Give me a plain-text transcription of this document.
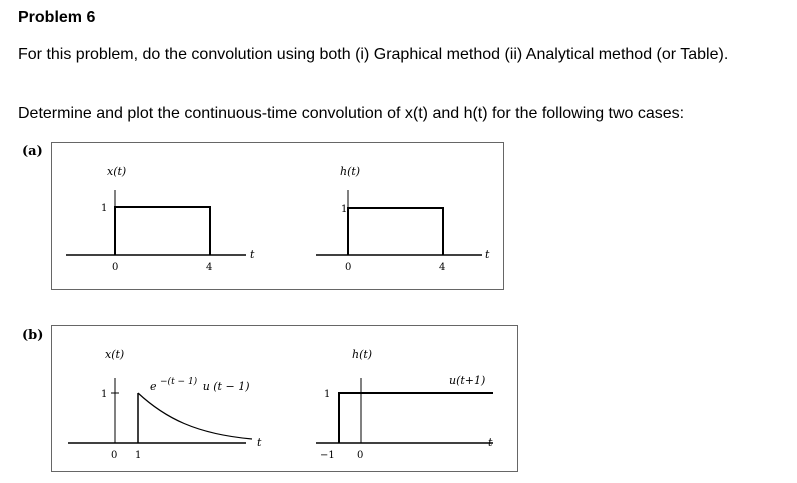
Problem 6
For this problem, do the convolution using both (i) Graphical method (ii) Analytical method (or Table).
Determine and plot the continuous-time convolution of x(t) and h(t) for the following two cases:
(a)
(b)
x(t)
1
0	4
t
h(t)
1
0	4
t
x(t)
1
e $^{-(t - 1)}$ u (t − 1)
0 1
t
h(t)
1
u(t+1)
−1 0
t
